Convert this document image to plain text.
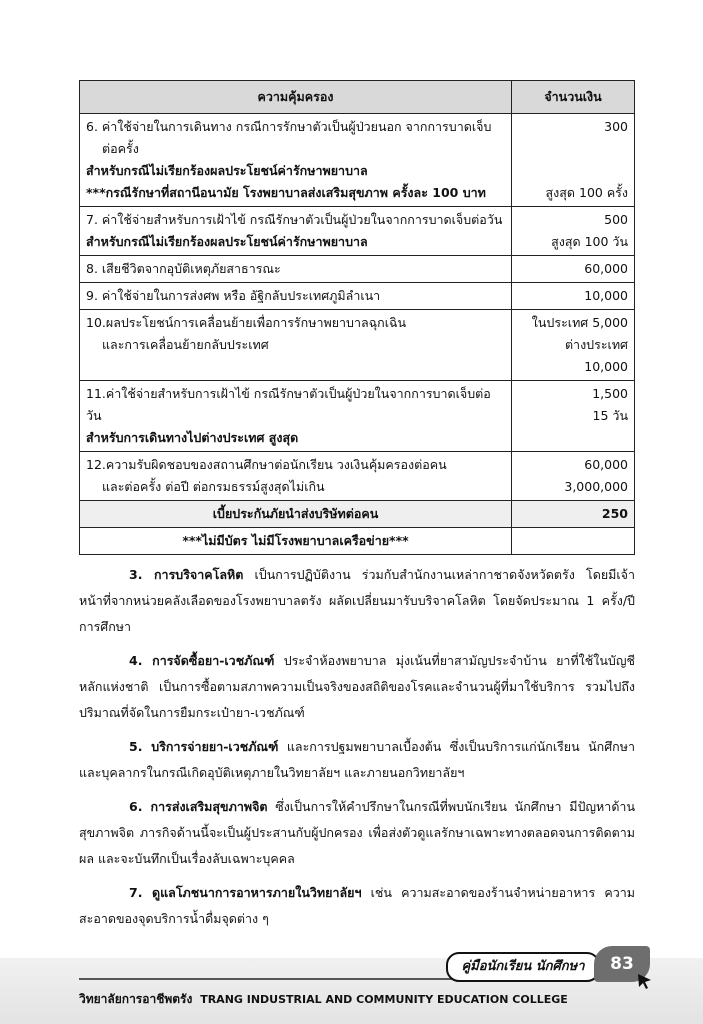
ความคุ้มครอง	จำนวนเงิน

6. ค่าใช้จ่ายในการเดินทาง กรณีการรักษาตัวเป็นผู้ป่วยนอก จากการบาดเจ็บ
ต่อครั้ง
สำหรับกรณีไม่เรียกร้องผลประโยชน์ค่ารักษาพยาบาล
***กรณีรักษาที่สถานีอนามัย โรงพยาบาลส่งเสริมสุขภาพ ครั้งละ 100 บาท	300

สูงสุด 100 ครั้ง

7. ค่าใช้จ่ายสำหรับการเฝ้าไข้ กรณีรักษาตัวเป็นผู้ป่วยในจากการบาดเจ็บต่อวัน
สำหรับกรณีไม่เรียกร้องผลประโยชน์ค่ารักษาพยาบาล	500
สูงสุด 100 วัน

8. เสียชีวิตจากอุบัติเหตุภัยสาธารณะ	60,000

9. ค่าใช้จ่ายในการส่งศพ หรือ อัฐิกลับประเทศภูมิลำเนา	10,000

10.ผลประโยชน์การเคลื่อนย้ายเพื่อการรักษาพยาบาลฉุกเฉิน
และการเคลื่อนย้ายกลับประเทศ	ในประเทศ 5,000
ต่างประเทศ 10,000

11.ค่าใช้จ่ายสำหรับการเฝ้าไข้ กรณีรักษาตัวเป็นผู้ป่วยในจากการบาดเจ็บต่อวัน
สำหรับการเดินทางไปต่างประเทศ สูงสุด	1,500
15 วัน

12.ความรับผิดชอบของสถานศึกษาต่อนักเรียน วงเงินคุ้มครองต่อคน
และต่อครั้ง ต่อปี ต่อกรมธรรม์สูงสุดไม่เกิน	60,000
3,000,000

เบี้ยประกันภัยนำส่งบริษัทต่อคน	250
***ไม่มีบัตร ไม่มีโรงพยาบาลเครือข่าย***	

3. การบริจาคโลหิต เป็นการปฏิบัติงาน ร่วมกับสำนักงานเหล่ากาชาดจังหวัดตรัง โดยมีเจ้าหน้าที่จากหน่วยคลังเลือดของโรงพยาบาลตรัง ผลัดเปลี่ยนมารับบริจาคโลหิต โดยจัดประมาณ 1 ครั้ง/ปีการศึกษา

4. การจัดซื้อยา-เวชภัณฑ์ ประจำห้องพยาบาล มุ่งเน้นที่ยาสามัญประจำบ้าน ยาที่ใช้ในบัญชีหลักแห่งชาติ เป็นการซื้อตามสภาพความเป็นจริงของสถิติของโรคและจำนวนผู้ที่มาใช้บริการ รวมไปถึงปริมาณที่จัดในการยืมกระเป๋ายา-เวชภัณฑ์

5. บริการจ่ายยา-เวชภัณฑ์ และการปฐมพยาบาลเบื้องต้น ซึ่งเป็นบริการแก่นักเรียน นักศึกษาและบุคลากรในกรณีเกิดอุบัติเหตุภายในวิทยาลัยฯ และภายนอกวิทยาลัยฯ

6. การส่งเสริมสุขภาพจิต ซึ่งเป็นการให้คำปรึกษาในกรณีที่พบนักเรียน นักศึกษา มีปัญหาด้านสุขภาพจิต ภารกิจด้านนี้จะเป็นผู้ประสานกับผู้ปกครอง เพื่อส่งตัวดูแลรักษาเฉพาะทางตลอดจนการติดตามผล และจะบันทึกเป็นเรื่องลับเฉพาะบุคคล

7. ดูแลโภชนาการอาหารภายในวิทยาลัยฯ เช่น ความสะอาดของร้านจำหน่ายอาหาร ความสะอาดของจุดบริการน้ำดื่มจุดต่าง ๆ

คู่มือนักเรียน นักศึกษา	83
วิทยาลัยการอาชีพตรัง TRANG INDUSTRIAL AND COMMUNITY EDUCATION COLLEGE
